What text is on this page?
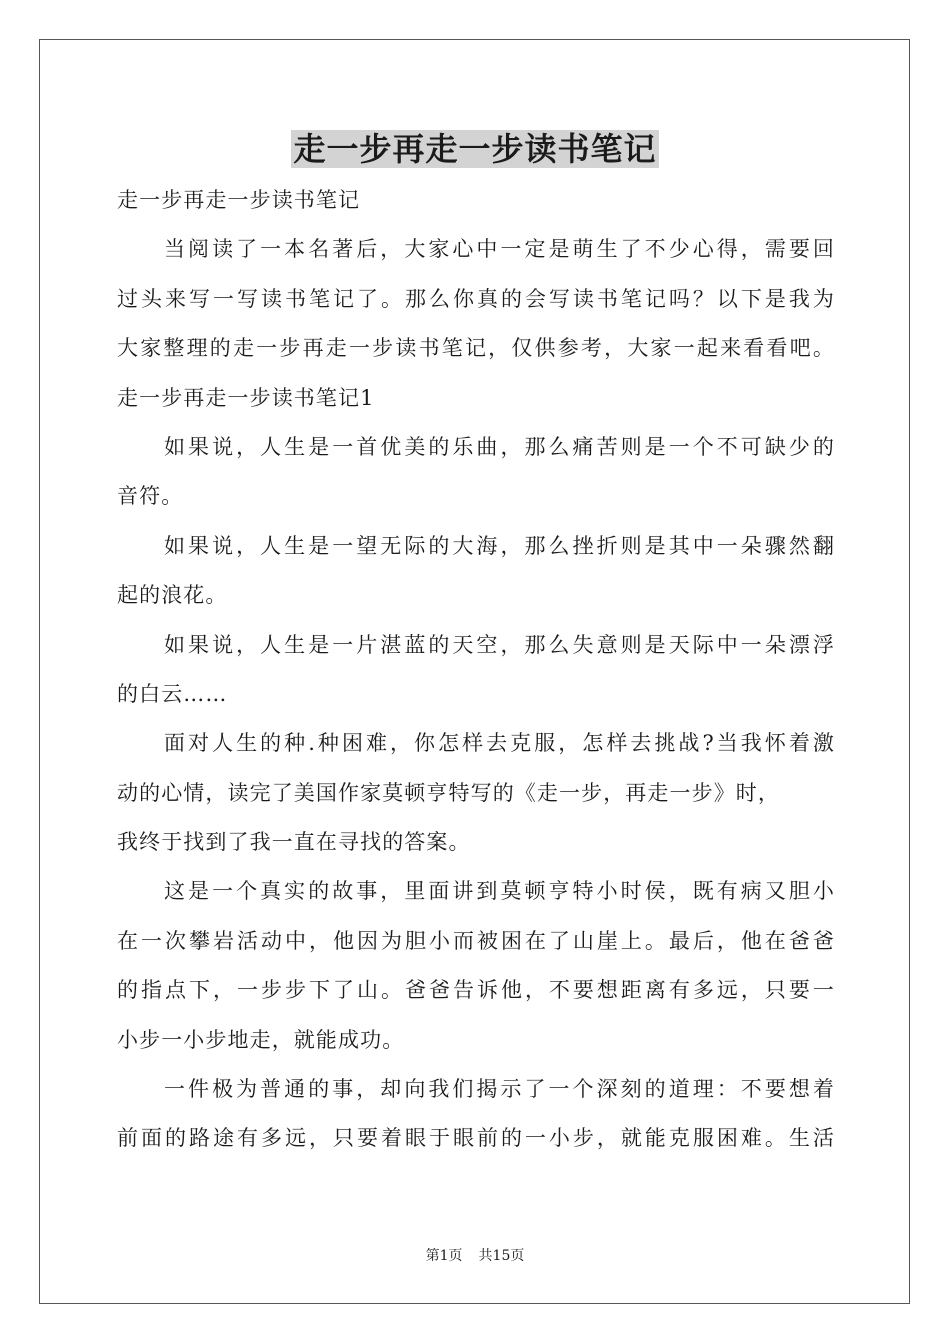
走一步再走一步读书笔记

走一步再走一步读书笔记

当阅读了一本名著后，大家心中一定是萌生了不少心得，需要回

过头来写一写读书笔记了。那么你真的会写读书笔记吗？以下是我为

大家整理的走一步再走一步读书笔记，仅供参考，大家一起来看看吧。

走一步再走一步读书笔记1

如果说，人生是一首优美的乐曲，那么痛苦则是一个不可缺少的

音符。

如果说，人生是一望无际的大海，那么挫折则是其中一朵骤然翻

起的浪花。

如果说，人生是一片湛蓝的天空，那么失意则是天际中一朵漂浮

的白云……

面对人生的种.种困难，你怎样去克服，怎样去挑战?当我怀着激

动的心情，读完了美国作家莫顿亨特写的《走一步，再走一步》时，

我终于找到了我一直在寻找的答案。

这是一个真实的故事，里面讲到莫顿亨特小时侯，既有病又胆小

在一次攀岩活动中，他因为胆小而被困在了山崖上。最后，他在爸爸

的指点下，一步步下了山。爸爸告诉他，不要想距离有多远，只要一

小步一小步地走，就能成功。

一件极为普通的事，却向我们揭示了一个深刻的道理：不要想着

前面的路途有多远，只要着眼于眼前的一小步，就能克服困难。生活

第1页 共15页
